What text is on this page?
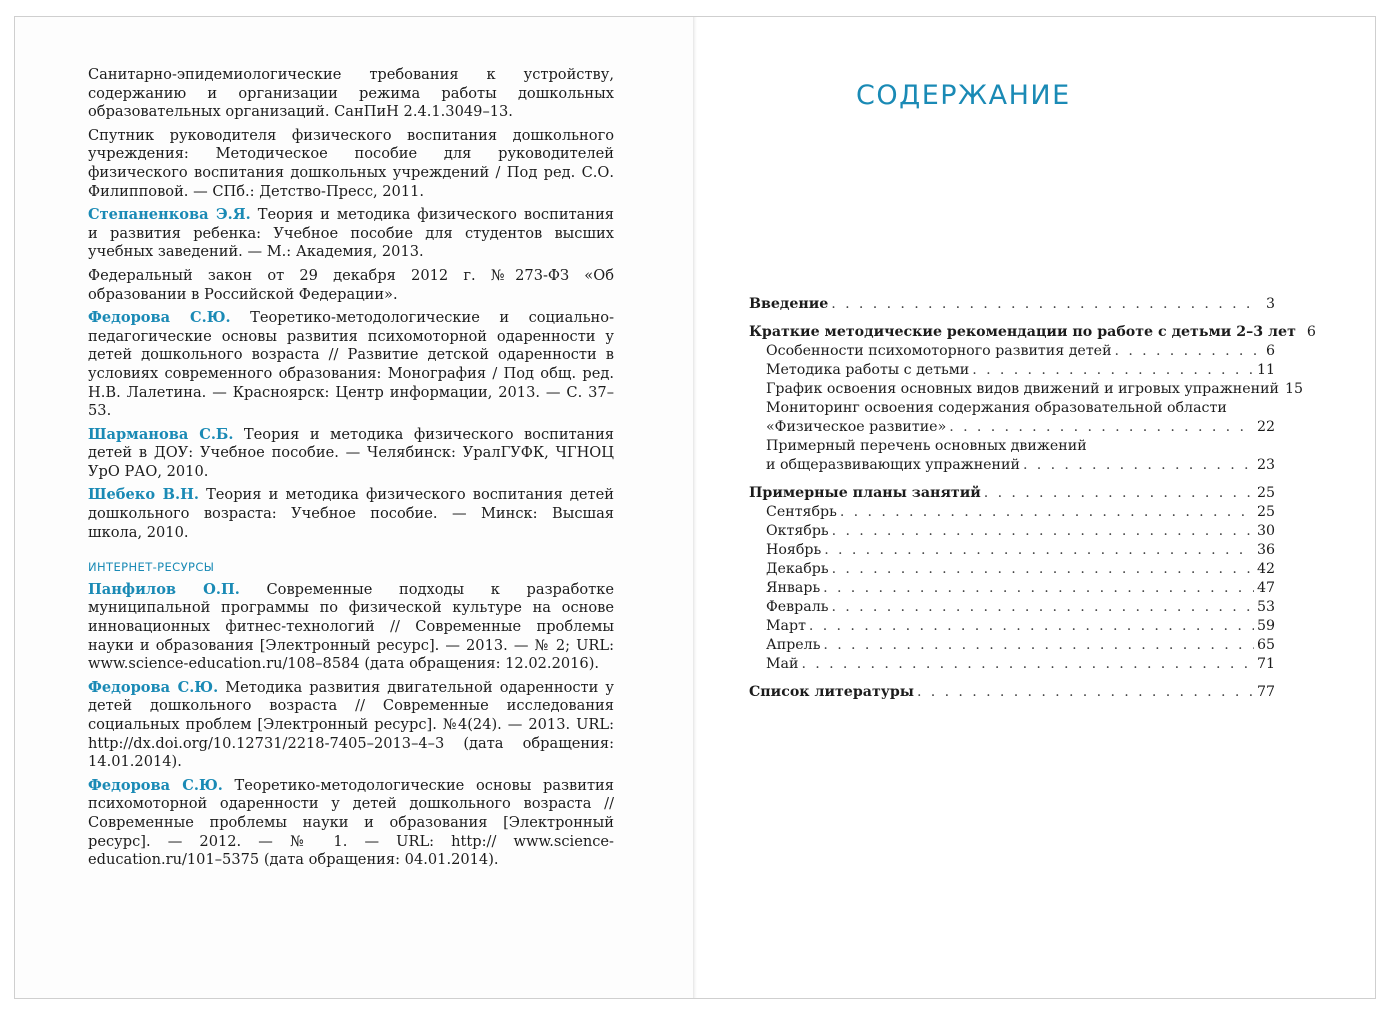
Санитарно-эпидемиологические требования к устройству, содержанию и организации режима работы дошкольных образовательных организаций. СанПиН 2.4.1.3049–13.

Спутник руководителя физического воспитания дошкольного учреждения: Методическое пособие для руководителей физического воспитания дошкольных учреждений / Под ред. С.О. Филипповой. — СПб.: Детство-Пресс, 2011.

Степаненкова Э.Я. Теория и методика физического воспитания и развития ребенка: Учебное пособие для студентов высших учебных заведений. — М.: Академия, 2013.

Федеральный закон от 29 декабря 2012 г. №273-ФЗ «Об образовании в Российской Федерации».

Федорова С.Ю. Теоретико-методологические и социально-педагогические основы развития психомоторной одаренности у детей дошкольного возраста // Развитие детской одаренности в условиях современного образования: Монография / Под общ. ред. Н.В. Лалетина. — Красноярск: Центр информации, 2013. — С. 37–53.

Шарманова С.Б. Теория и методика физического воспитания детей в ДОУ: Учебное пособие. — Челябинск: УралГУФК, ЧГНОЦ УрО РАО, 2010.

Шебеко В.Н. Теория и методика физического воспитания детей дошкольного возраста: Учебное пособие. — Минск: Высшая школа, 2010.

ИНТЕРНЕТ-РЕСУРСЫ

Панфилов О.П. Современные подходы к разработке муниципальной программы по физической культуре на основе инновационных фитнес-технологий // Современные проблемы науки и образования [Электронный ресурс]. — 2013. — № 2; URL: www.science-education.ru/108–8584 (дата обращения: 12.02.2016).

Федорова С.Ю. Методика развития двигательной одаренности у детей дошкольного возраста // Современные исследования социальных проблем [Электронный ресурс]. №4(24). — 2013. URL: http://dx.doi.org/10.12731/2218-7405–2013–4–3 (дата обращения: 14.01.2014).

Федорова С.Ю. Теоретико-методологические основы развития психомоторной одаренности у детей дошкольного возраста // Современные проблемы науки и образования [Электронный ресурс]. — 2012. — № 1. — URL: http:// www.science-education.ru/101–5375 (дата обращения: 04.01.2014).

СОДЕРЖАНИЕ
Введение . . .	3
Краткие методические рекомендации по работе с детьми 2–3 лет 6
Особенности психомоторного развития детей . . .	6
Методика работы с детьми . . .	11
График освоения основных видов движений и игровых упражнений 15
Мониторинг освоения содержания образовательной области
«Физическое развитие» . . .	22
Примерный перечень основных движений
и общеразвивающих упражнений . . .	23
Примерные планы занятий . . .	25
Сентябрь . . .	25
Октябрь . . .	30
Ноябрь . . .	36
Декабрь . . .	42
Январь . . .	47
Февраль . . .	53
Март . . .	59
Апрель . . .	65
Май . . .	71
Список литературы . . .	77
